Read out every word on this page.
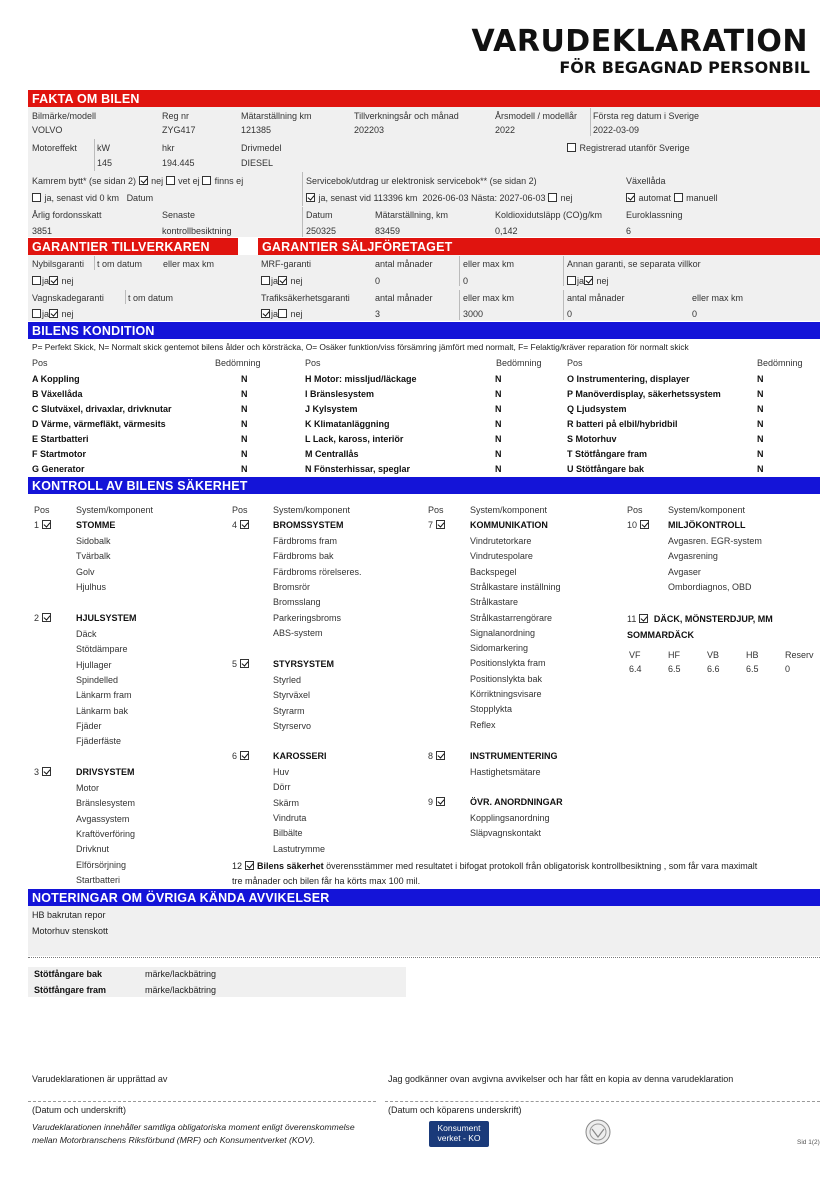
VARUDEKLARATION
FÖR BEGAGNAD PERSONBIL
FAKTA OM BILEN
Bilmärke/modell
VOLVO
Reg nr
ZYG417
Mätarställning km
121385
Tillverkningsår och månad
202203
Årsmodell / modellår
2022
Första reg datum i Sverige
2022-03-09
Motoreffekt kW
145
hkr
194.445
Drivmedel
DIESEL
Registrerad utanför Sverige
Kamrem bytt* (se sidan 2) nej vet ej finns ej
ja, senast vid 0 km Datum
Servicebok/utdrag ur elektronisk servicebok** (se sidan 2)
ja, senast vid 113396 km 2026-06-03 Nästa: 2027-06-03 nej
Växellåda
automat manuell
Årlig fordonsskatt
3851
Senaste
kontrollbesiktning
Datum
250325
Mätarställning, km
83459
Koldioxidutsläpp (CO)g/km
0,142
Euroklassning
6
GARANTIER TILLVERKAREN	GARANTIER SÄLJFÖRETAGET
Nybilsgaranti t om datum eller max km
ja nej
Vagnskadegaranti	t om datum
ja nej
MRF-garanti	antal månader	eller max km
ja nej	0	0
Annan garanti, se separata villkor
ja nej
Trafiksäkerhetsgaranti	antal månader	eller max km
ja nej	3	3000
antal månader	eller max km
0	0
BILENS KONDITION
P= Perfekt Skick, N= Normalt skick gentemot bilens ålder och körsträcka, O= Osäker funktion/viss försämring jämfört med normalt, F= Felaktig/kräver reparation för normalt skick
Pos	Bedömning	Pos	Bedömning	Pos	Bedömning
A Koppling	N
B Växellåda	N
C Slutväxel, drivaxlar, drivknutar	N
D Värme, värmefläkt, värmesits	N
E Startbatteri	N
F Startmotor	N
G Generator	N
H Motor: missljud/läckage	N
I Bränslesystem	N
J Kylsystem	N
K Klimatanläggning	N
L Lack, kaross, interiör	N
M Centrallås	N
N Fönsterhissar, speglar	N
O Instrumentering, displayer	N
P Manöverdisplay, säkerhetssystem	N
Q Ljudsystem	N
R batteri på elbil/hybridbil	N
S Motorhuv	N
T Stötfångare fram	N
U Stötfångare bak	N
KONTROLL AV BILENS SÄKERHET
Pos	System/komponent	Pos	System/komponent	Pos	System/komponent	Pos	System/komponent
1	STOMME
Sidobalk
Tvärbalk
Golv
Hjulhus
2	HJULSYSTEM
Däck
Stötdämpare
Hjullager
Spindelled
Länkarm fram
Länkarm bak
Fjäder
Fjäderfäste
3	DRIVSYSTEM
Motor
Bränslesystem
Avgassystem
Kraftöverföring
Drivknut
Elförsörjning
Startbatteri
4	BROMSSYSTEM
Färdbroms fram
Färdbroms bak
Färdbroms rörelseres.
Bromsrör
Bromsslang
Parkeringsbroms
ABS-system
5	STYRSYSTEM
Styrled
Styrväxel
Styrarm
Styrservo
6	KAROSSERI
Huv
Dörr
Skärm
Vindruta
Bilbälte
Lastutrymme
7	KOMMUNIKATION
Vindrutetorkare
Vindrutespolare
Backspegel
Strålkastare inställning
Strålkastare
Strålkastarrengörare
Signalanordning
Sidomarkering
Positionslykta fram
Positionslykta bak
Körriktningsvisare
Stopplykta
Reflex
8	INSTRUMENTERING
Hastighetsmätare
9	ÖVR. ANORDNINGAR
Kopplingsanordning
Släpvagnskontakt
10	MILJÖKONTROLL
Avgasren. EGR-system
Avgasrening
Avgaser
Ombordiagnos, OBD
11 DÄCK, MÖNSTERDJUP, MM
SOMMARDÄCK
VF
6.4
HF
6.5
VB
6.6
HB
6.5
Reserv
0
12 Bilens säkerhet överensstämmer med resultatet i bifogat protokoll från obligatorisk kontrollbesiktning , som får vara maximalt
tre månader och bilen får ha körts max 100 mil.
NOTERINGAR OM ÖVRIGA KÄNDA AVVIKELSER
HB bakrutan repor
Motorhuv stenskott
Stötfångare bak	märke/lackbätring
Stötfångare fram	märke/lackbätring
Varudeklarationen är upprättad av	Jag godkänner ovan avgivna avvikelser och har fått en kopia av denna varudeklaration
(Datum och underskrift)	(Datum och köparens underskrift)
Varudeklarationen innehåller samtliga obligatoriska moment enligt överenskommelse
mellan Motorbranschens Riksförbund (MRF) och Konsumentverket (KOV).
Konsument
verket - KO	Sid 1(2)
